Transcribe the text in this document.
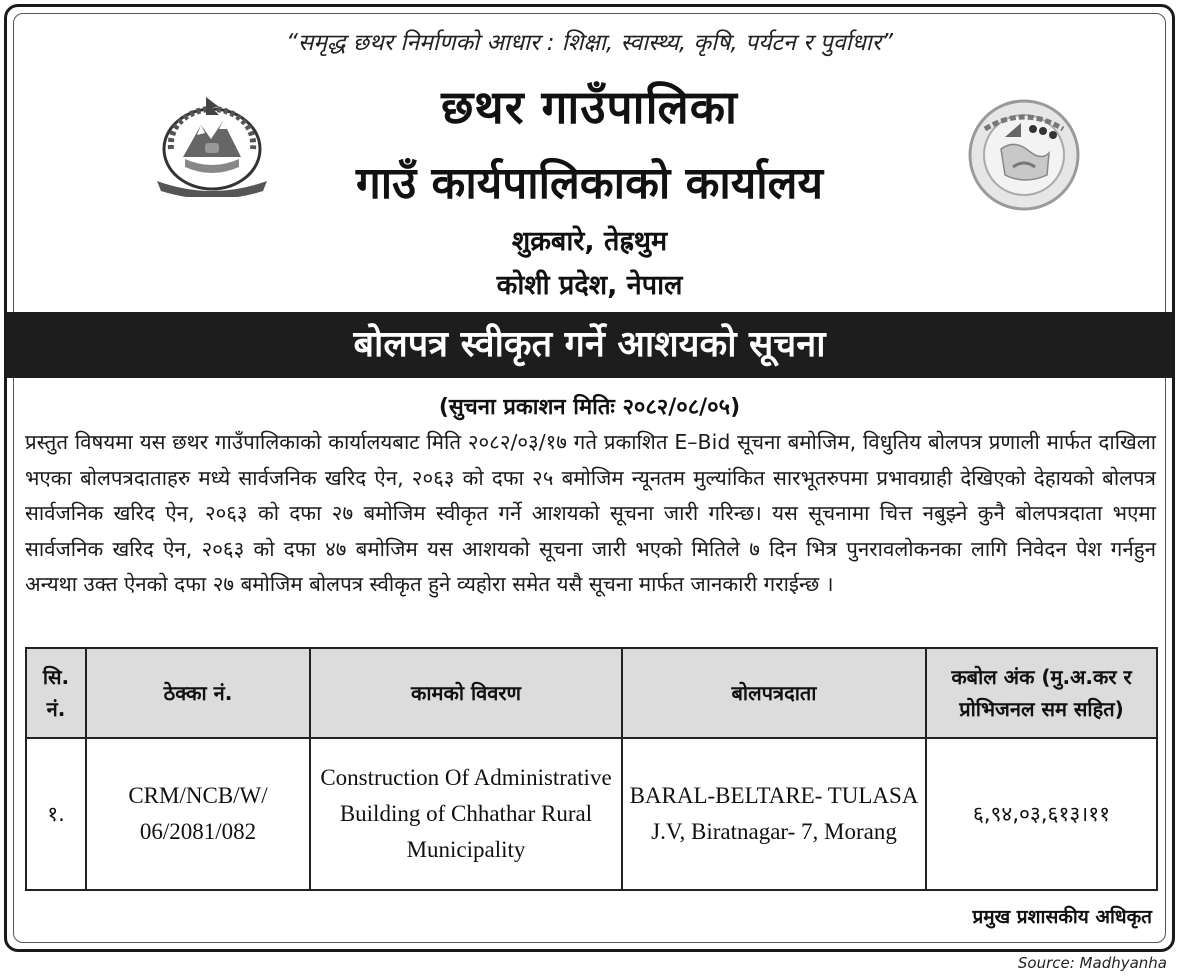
“समृद्ध छथर निर्माणको आधार : शिक्षा, स्वास्थ्य, कृषि, पर्यटन र पुर्वाधार”
छथर गाउँपालिका
गाउँ कार्यपालिकाको कार्यालय
शुक्रबारे, तेह्रथुम
कोशी प्रदेश, नेपाल
बोलपत्र स्वीकृत गर्ने आशयको सूचना
(सुचना प्रकाशन मितिः २०८२/०८/०५)
प्रस्तुत विषयमा यस छथर गाउँपालिकाको कार्यालयबाट मिति २०८२/०३/१७ गते प्रकाशित E–Bid सूचना बमोजिम, विधुतिय बोलपत्र प्रणाली मार्फत दाखिला भएका बोलपत्रदाताहरु मध्ये सार्वजनिक खरिद ऐन, २०६३ को दफा २५ बमोजिम न्यूनतम मुल्यांकित सारभूतरुपमा प्रभावग्राही देखिएको देहायको बोलपत्र सार्वजनिक खरिद ऐन, २०६३ को दफा २७ बमोजिम स्वीकृत गर्ने आशयको सूचना जारी गरिन्छ। यस सूचनामा चित्त नबुझ्ने कुनै बोलपत्रदाता भएमा सार्वजनिक खरिद ऐन, २०६३ को दफा ४७ बमोजिम यस आशयको सूचना जारी भएको मितिले ७ दिन भित्र पुनरावलोकनका लागि निवेदन पेश गर्नहुन अन्यथा उक्त ऐनको दफा २७ बमोजिम बोलपत्र स्वीकृत हुने व्यहोरा समेत यसै सूचना मार्फत जानकारी गराईन्छ ।
सि. नं.	ठेक्का नं.	कामको विवरण	बोलपत्रदाता	कबोल अंक (मु.अ.कर र प्रोभिजनल सम सहित)
१.	CRM/NCB/W/ 06/2081/082	Construction Of Administrative Building of Chhathar Rural Municipality	BARAL-BELTARE- TULASA J.V, Biratnagar- 7, Morang	६,९४,०३,६१३।११
प्रमुख प्रशासकीय अधिकृत
Source: Madhyanha
